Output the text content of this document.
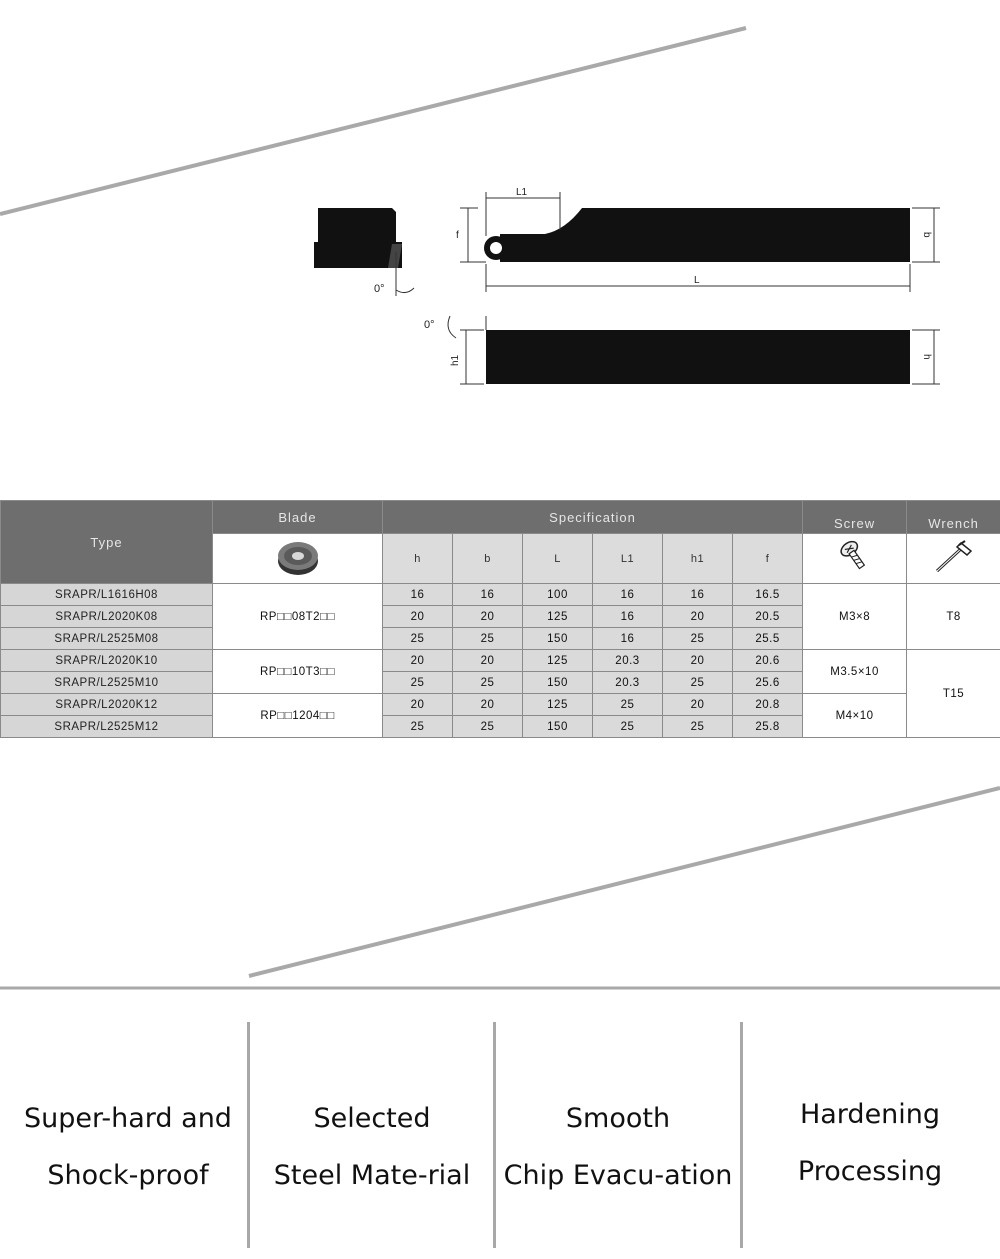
0°
L1
f	b
L
0°
h1	h
Type	Blade	Specification						Screw	Wrench
	h	b	L	L1	h1	f		
SRAPR/L1616H08	RP□□08T2□□	16	16	100	16	16	16.5	M3×8	T8
SRAPR/L2020K08		20	20	125	16	20	20.5		
SRAPR/L2525M08		25	25	150	16	25	25.5		
SRAPR/L2020K10	RP□□10T3□□	20	20	125	20.3	20	20.6	M3.5×10	T15
SRAPR/L2525M10		25	25	150	20.3	25	25.6		
SRAPR/L2020K12	RP□□1204□□	20	20	125	25	20	20.8	M4×10	
SRAPR/L2525M12		25	25	150	25	25	25.8		
Super-hard and
Shock-proof
Selected
Steel Mate-rial
Smooth
Chip Evacu-ation
Hardening
Processing
